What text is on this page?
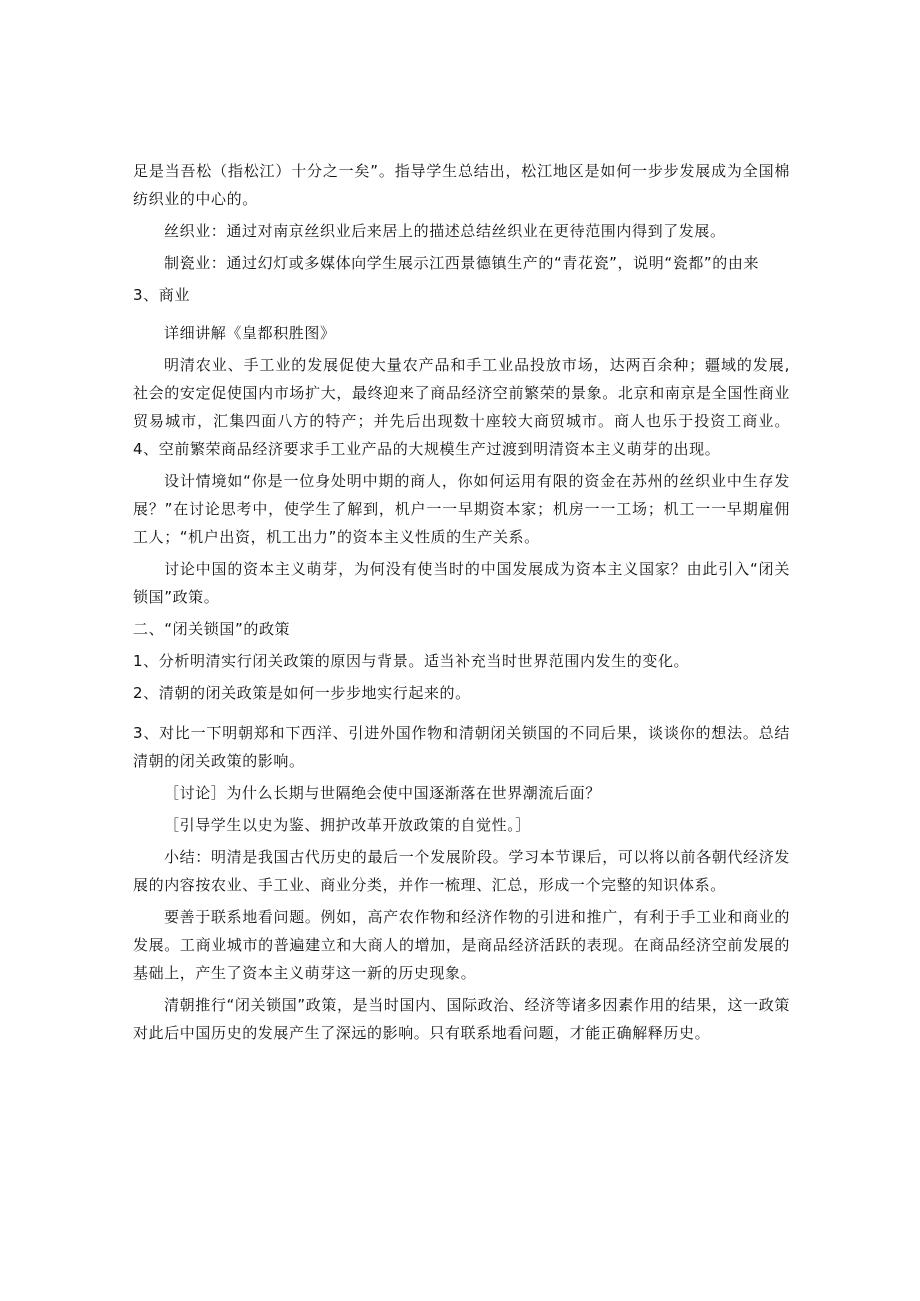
足是当吾松（指松江）十分之一矣”。指导学生总结出，松江地区是如何一步步发展成为全国棉纺织业的中心的。

丝织业：通过对南京丝织业后来居上的描述总结丝织业在更待范围内得到了发展。

制瓷业：通过幻灯或多媒体向学生展示江西景德镇生产的“青花瓷”，说明“瓷都”的由来

3、商业

详细讲解《皇都积胜图》

明清农业、手工业的发展促使大量农产品和手工业品投放市场，达两百余种；疆域的发展,社会的安定促使国内市场扩大，最终迎来了商品经济空前繁荣的景象。北京和南京是全国性商业贸易城市，汇集四面八方的特产；并先后出现数十座较大商贸城市。商人也乐于投资工商业。4、空前繁荣商品经济要求手工业产品的大规模生产过渡到明清资本主义萌芽的出现。

设计情境如“你是一位身处明中期的商人，你如何运用有限的资金在苏州的丝织业中生存发展？”在讨论思考中，使学生了解到，机户一一早期资本家；机房一一工场；机工一一早期雇佣工人；“机户出资，机工出力”的资本主义性质的生产关系。

讨论中国的资本主义萌芽，为何没有使当时的中国发展成为资本主义国家？由此引入“闭关锁国”政策。

二、“闭关锁国”的政策

1、分析明清实行闭关政策的原因与背景。适当补充当时世界范围内发生的变化。

2、清朝的闭关政策是如何一步步地实行起来的。

3、对比一下明朝郑和下西洋、引进外国作物和清朝闭关锁国的不同后果，谈谈你的想法。总结清朝的闭关政策的影响。

［讨论］为什么长期与世隔绝会使中国逐渐落在世界潮流后面？

［引导学生以史为鉴、拥护改革开放政策的自觉性。］

小结：明清是我国古代历史的最后一个发展阶段。学习本节课后，可以将以前各朝代经济发展的内容按农业、手工业、商业分类，并作一梳理、汇总，形成一个完整的知识体系。

要善于联系地看问题。例如，高产农作物和经济作物的引进和推广，有利于手工业和商业的发展。工商业城市的普遍建立和大商人的增加，是商品经济活跃的表现。在商品经济空前发展的基础上，产生了资本主义萌芽这一新的历史现象。

清朝推行“闭关锁国”政策，是当时国内、国际政治、经济等诸多因素作用的结果，这一政策对此后中国历史的发展产生了深远的影响。只有联系地看问题，才能正确解释历史。
